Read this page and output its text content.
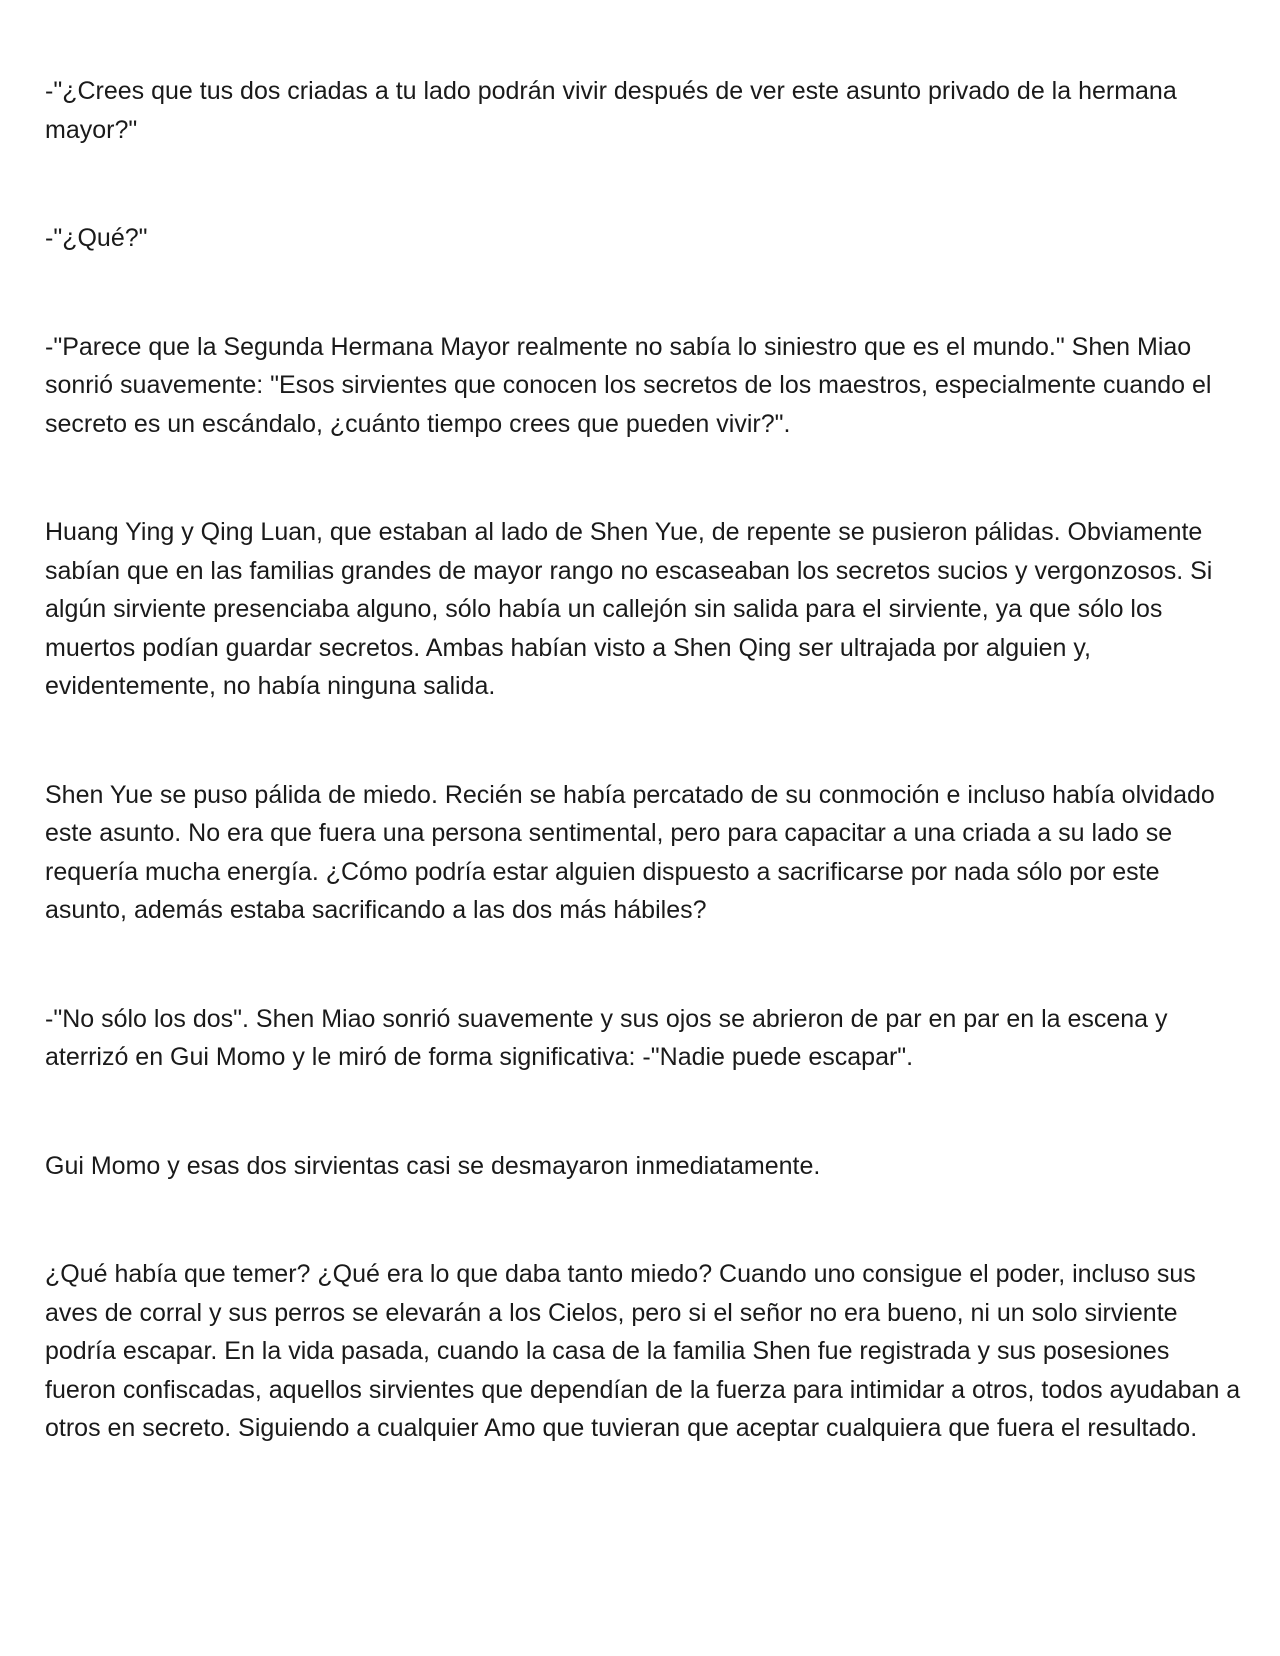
-"¿Crees que tus dos criadas a tu lado podrán vivir después de ver este asunto privado de la hermana mayor?"

-"¿Qué?"

-"Parece que la Segunda Hermana Mayor realmente no sabía lo siniestro que es el mundo." Shen Miao sonrió suavemente: "Esos sirvientes que conocen los secretos de los maestros, especialmente cuando el secreto es un escándalo, ¿cuánto tiempo crees que pueden vivir?".

Huang Ying y Qing Luan, que estaban al lado de Shen Yue, de repente se pusieron pálidas. Obviamente sabían que en las familias grandes de mayor rango no escaseaban los secretos sucios y vergonzosos. Si algún sirviente presenciaba alguno, sólo había un callejón sin salida para el sirviente, ya que sólo los muertos podían guardar secretos. Ambas habían visto a Shen Qing ser ultrajada por alguien y, evidentemente, no había ninguna salida.

Shen Yue se puso pálida de miedo. Recién se había percatado de su conmoción e incluso había olvidado este asunto. No era que fuera una persona sentimental, pero para capacitar a una criada a su lado se requería mucha energía. ¿Cómo podría estar alguien dispuesto a sacrificarse por nada sólo por este asunto, además estaba sacrificando a las dos más hábiles?

-"No sólo los dos". Shen Miao sonrió suavemente y sus ojos se abrieron de par en par en la escena y aterrizó en Gui Momo y le miró de forma significativa: -"Nadie puede escapar".

Gui Momo y esas dos sirvientas casi se desmayaron inmediatamente.

¿Qué había que temer? ¿Qué era lo que daba tanto miedo? Cuando uno consigue el poder, incluso sus aves de corral y sus perros se elevarán a los Cielos, pero si el señor no era bueno, ni un solo sirviente podría escapar. En la vida pasada, cuando la casa de la familia Shen fue registrada y sus posesiones fueron confiscadas, aquellos sirvientes que dependían de la fuerza para intimidar a otros, todos ayudaban a otros en secreto. Siguiendo a cualquier Amo que tuvieran que aceptar cualquiera que fuera el resultado.
